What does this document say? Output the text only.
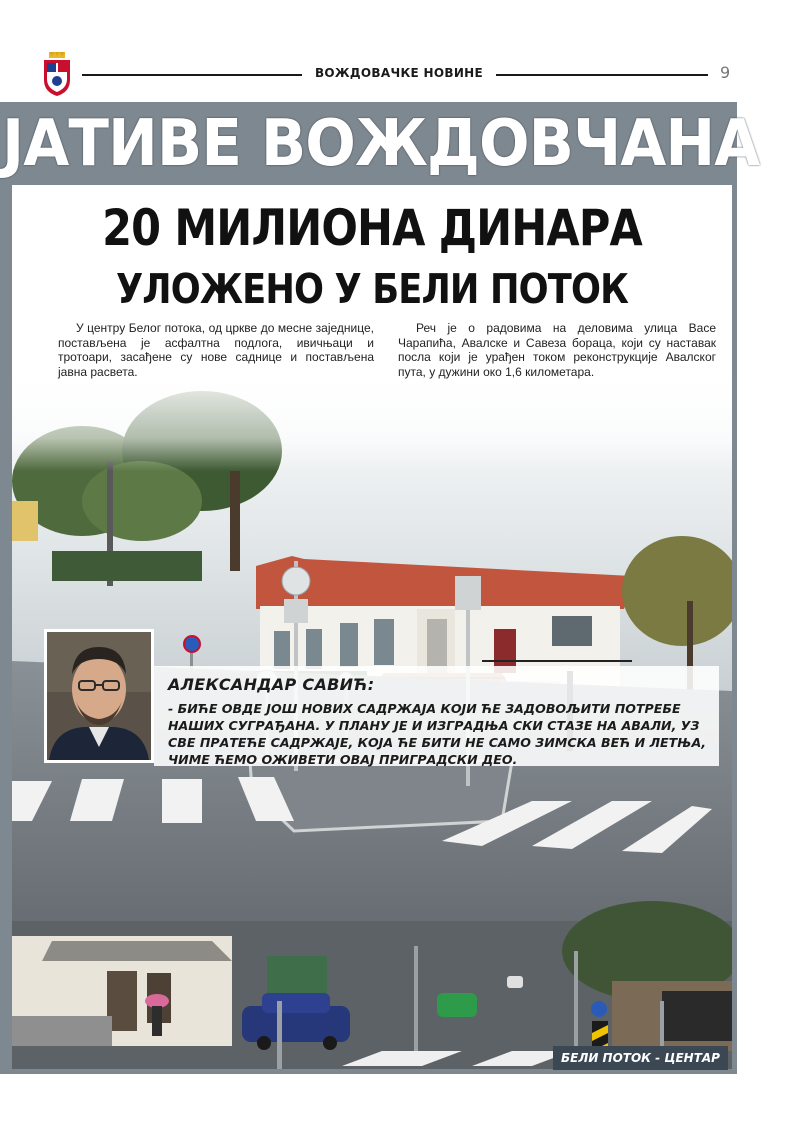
ВОЖДОВАЧКЕ НОВИНЕ	9
ЈАТИВЕ ВОЖДОВЧАНА
20 МИЛИОНА ДИНАРА
УЛОЖЕНО У БЕЛИ ПОТОК

У центру Белог потока, од цркве до месне заједнице, постављена је асфалтна подлога, ивичњаци и тротоари, засађене су нове саднице и постављена јавна расвета.

Реч је о радовима на деловима улица Васе Чарапића, Авалске и Савеза бораца, који су наставак посла који је урађен током реконструкције Авалског пута, у дужини око 1,6 километара.

АЛЕКСАНДАР САВИЋ:
- БИЋЕ ОВДЕ ЈОШ НОВИХ САДРЖАЈА КОЈИ ЋЕ ЗАДОВОЉИТИ ПОТРЕБЕ НАШИХ СУГРАЂАНА. У ПЛАНУ ЈЕ И ИЗГРАДЊА СКИ СТАЗЕ НА АВАЛИ, УЗ СВЕ ПРАТЕЋЕ САДРЖАЈЕ, КОЈА ЋЕ БИТИ НЕ САМО ЗИМСКА ВЕЋ И ЛЕТЊА, ЧИМЕ ЋЕМО ОЖИВЕТИ ОВАЈ ПРИГРАДСКИ ДЕО.
БЕЛИ ПОТОК - ЦЕНТАР
